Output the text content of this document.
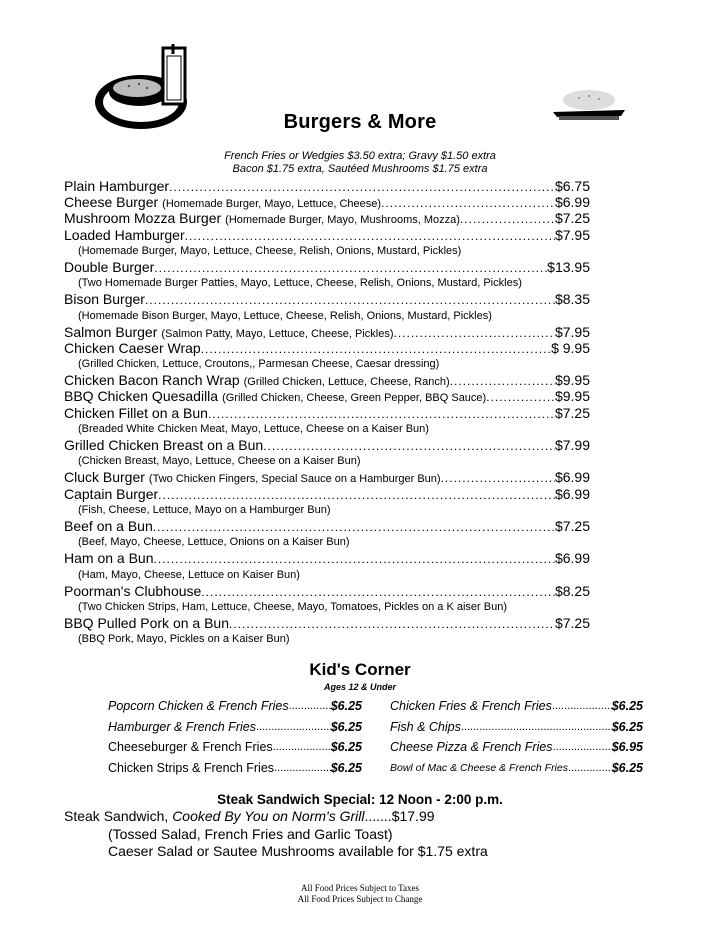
Burgers & More
French Fries or Wedgies $3.50 extra; Gravy $1.50 extra
Bacon $1.75 extra, Sautéed Mushrooms $1.75 extra
Plain Hamburger .....	$6.75
Cheese Burger (Homemade Burger, Mayo, Lettuce, Cheese) .....	$6.99
Mushroom Mozza Burger (Homemade Burger, Mayo, Mushrooms, Mozza) .....	$7.25
Loaded Hamburger .....	$7.95
(Homemade Burger, Mayo, Lettuce, Cheese, Relish, Onions, Mustard, Pickles)
Double Burger .....	$13.95
(Two Homemade Burger Patties, Mayo, Lettuce, Cheese, Relish, Onions, Mustard, Pickles)
Bison Burger .....	$8.35
(Homemade Bison Burger, Mayo, Lettuce, Cheese, Relish, Onions, Mustard, Pickles)
Salmon Burger (Salmon Patty, Mayo, Lettuce, Cheese, Pickles) .....	$7.95
Chicken Caeser Wrap .....	$ 9.95
(Grilled Chicken, Lettuce, Croutons,, Parmesan Cheese, Caesar dressing)
Chicken Bacon Ranch Wrap (Grilled Chicken, Lettuce, Cheese, Ranch) .....	$9.95
BBQ Chicken Quesadilla (Grilled Chicken, Cheese, Green Pepper, BBQ Sauce) .....	$9.95
Chicken Fillet on a Bun .....	$7.25
(Breaded White Chicken Meat, Mayo, Lettuce, Cheese on a Kaiser Bun)
Grilled Chicken Breast on a Bun .....	$7.99
(Chicken Breast, Mayo, Lettuce, Cheese on a Kaiser Bun)
Cluck Burger (Two Chicken Fingers, Special Sauce on a Hamburger Bun) .....	$6.99
Captain Burger .....	$6.99
(Fish, Cheese, Lettuce, Mayo on a Hamburger Bun)
Beef on a Bun .....	$7.25
(Beef, Mayo, Cheese, Lettuce, Onions on a Kaiser Bun)
Ham on a Bun .....	$6.99
(Ham, Mayo, Cheese, Lettuce on Kaiser Bun)
Poorman's Clubhouse .....	$8.25
(Two Chicken Strips, Ham, Lettuce, Cheese, Mayo, Tomatoes, Pickles on a K aiser Bun)
BBQ Pulled Pork on a Bun .....	$7.25
(BBQ Pork, Mayo, Pickles on a Kaiser Bun)
Kid's Corner
Ages 12 & Under
Popcorn Chicken & French Fries .....	$6.25
Hamburger & French Fries .....	$6.25
Cheeseburger & French Fries .....	$6.25
Chicken Strips & French Fries .....	$6.25
Chicken Fries & French Fries .....	$6.25
Fish & Chips .....	$6.25
Cheese Pizza & French Fries .....	$6.95
Bowl of Mac & Cheese & French Fries .....	$6.25
Steak Sandwich Special: 12 Noon - 2:00 p.m.
Steak Sandwich, Cooked By You on Norm's Grill.......$17.99
(Tossed Salad, French Fries and Garlic Toast)
Caeser Salad or Sautee Mushrooms available for $1.75 extra
All Food Prices Subject to Taxes
All Food Prices Subject to Change
